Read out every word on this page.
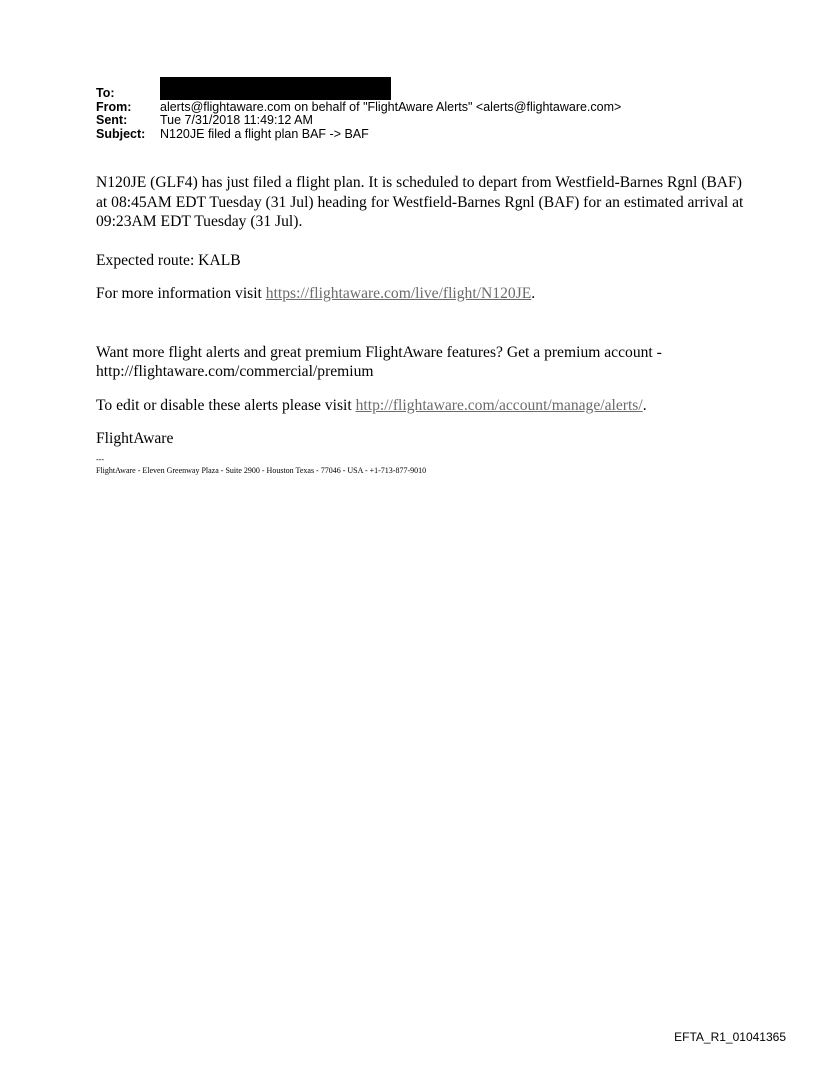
To:
From:	alerts@flightaware.com on behalf of "FlightAware Alerts" <alerts@flightaware.com>
Sent:	Tue 7/31/2018 11:49:12 AM
Subject:	N120JE filed a flight plan BAF -> BAF

N120JE (GLF4) has just filed a flight plan. It is scheduled to depart from Westfield-Barnes Rgnl (BAF) at 08:45AM EDT Tuesday (31 Jul) heading for Westfield-Barnes Rgnl (BAF) for an estimated arrival at 09:23AM EDT Tuesday (31 Jul).

Expected route: KALB

For more information visit https://flightaware.com/live/flight/N120JE.

Want more flight alerts and great premium FlightAware features? Get a premium account - http://flightaware.com/commercial/premium

To edit or disable these alerts please visit http://flightaware.com/account/manage/alerts/.

FlightAware

---
FlightAware - Eleven Greenway Plaza - Suite 2900 - Houston Texas - 77046 - USA - +1-713-877-9010
EFTA_R1_01041365
